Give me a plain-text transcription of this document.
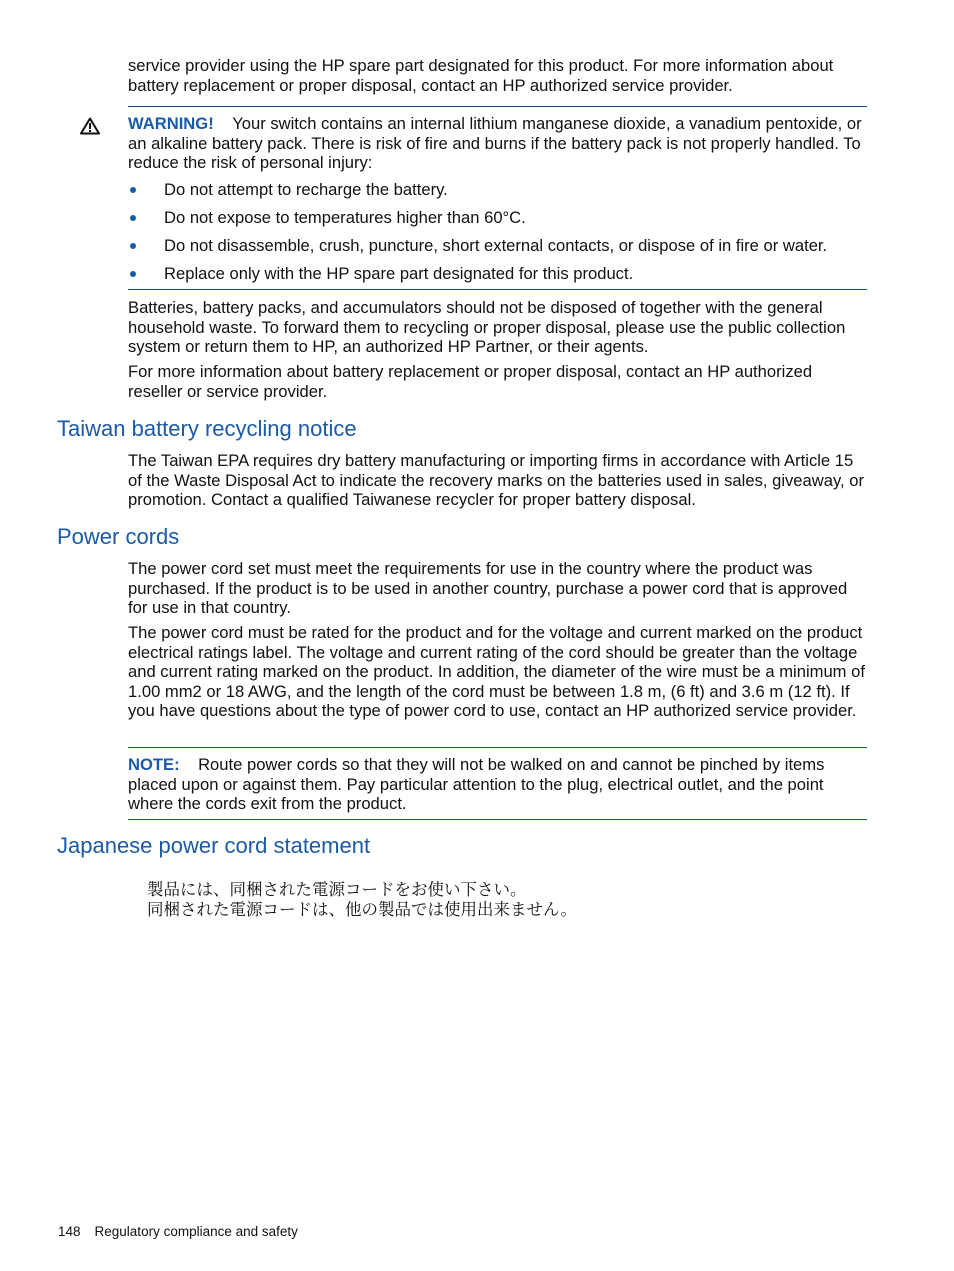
service provider using the HP spare part designated for this product. For more information about battery replacement or proper disposal, contact an HP authorized service provider.

WARNING! Your switch contains an internal lithium manganese dioxide, a vanadium pentoxide, or an alkaline battery pack. There is risk of fire and burns if the battery pack is not properly handled. To reduce the risk of personal injury:

Do not attempt to recharge the battery.
Do not expose to temperatures higher than 60°C.
Do not disassemble, crush, puncture, short external contacts, or dispose of in fire or water.
Replace only with the HP spare part designated for this product.

Batteries, battery packs, and accumulators should not be disposed of together with the general household waste. To forward them to recycling or proper disposal, please use the public collection system or return them to HP, an authorized HP Partner, or their agents.

For more information about battery replacement or proper disposal, contact an HP authorized reseller or service provider.

Taiwan battery recycling notice

The Taiwan EPA requires dry battery manufacturing or importing firms in accordance with Article 15 of the Waste Disposal Act to indicate the recovery marks on the batteries used in sales, giveaway, or promotion. Contact a qualified Taiwanese recycler for proper battery disposal.

Power cords

The power cord set must meet the requirements for use in the country where the product was purchased. If the product is to be used in another country, purchase a power cord that is approved for use in that country.

The power cord must be rated for the product and for the voltage and current marked on the product electrical ratings label. The voltage and current rating of the cord should be greater than the voltage and current rating marked on the product. In addition, the diameter of the wire must be a minimum of 1.00 mm2 or 18 AWG, and the length of the cord must be between 1.8 m, (6 ft) and 3.6 m (12 ft). If you have questions about the type of power cord to use, contact an HP authorized service provider.

NOTE: Route power cords so that they will not be walked on and cannot be pinched by items placed upon or against them. Pay particular attention to the plug, electrical outlet, and the point where the cords exit from the product.

Japanese power cord statement

製品には、同梱された電源コードをお使い下さい。

同梱された電源コードは、他の製品では使用出来ません。

148 Regulatory compliance and safety
